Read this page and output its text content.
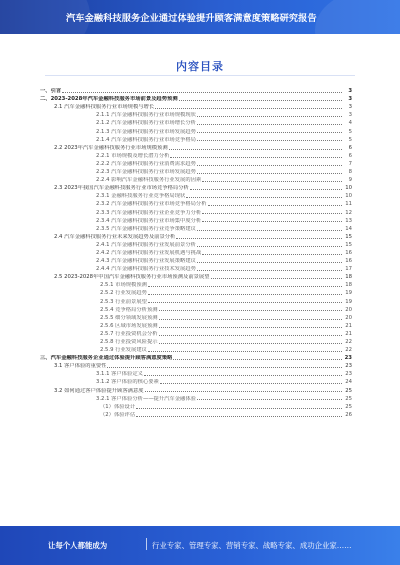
汽车金融科技服务企业通过体验提升顾客满意度策略研究报告
内容目录
一、引言	3
二、2023-2028年汽车金融科技服务市场前景及趋势预测	3
2.1 汽车金融科技服务行业市场规模与增长	3
2.1.1 汽车金融科技服务行业市场规模现状	3
2.1.2 汽车金融科技服务行业市场增长分析	4
2.1.3 汽车金融科技服务行业市场发展趋势	5
2.1.4 汽车金融科技服务行业市场竞争格局	5
2.2 2023年汽车金融科技服务行业市场规模预测	6
2.2.1 市场规模及增长潜力分析	6
2.2.2 汽车金融科技服务行业消费需求趋势	7
2.2.3 汽车金融科技服务行业市场发展趋势	8
2.2.4 影响汽车金融科技服务行业发展的因素	9
2.3 2023年我国汽车金融科技服务行业市场竞争格局分析	10
2.3.1 金融科技服务行业竞争格局现状	10
2.3.2 汽车金融科技服务行业市场竞争格局分析	11
2.3.3 汽车金融科技服务行业企业竞争力分析	12
2.3.4 汽车金融科技服务行业市场集中度分析	13
2.3.5 汽车金融科技服务行业竞争策略建议	14
2.4 汽车金融科技服务行业未来发展趋势及前景分析	15
2.4.1 汽车金融科技服务行业发展前景分析	15
2.4.2 汽车金融科技服务行业发展机遇与挑战	16
2.4.3 汽车金融科技服务行业发展策略建议	16
2.4.4 汽车金融科技服务行业技术发展趋势	17
2.5 2023-2028年中国汽车金融科技服务行业市场预测及前景展望	18
2.5.1 市场规模预测	18
2.5.2 行业发展趋势	19
2.5.3 行业前景展望	19
2.5.4 竞争格局分析预测	20
2.5.5 细分领域发展预测	20
2.5.6 区域市场发展预测	21
2.5.7 行业投资机会分析	21
2.5.8 行业投资风险提示	22
2.5.9 行业发展建议	22
三、汽车金融科技服务企业通过体验提升顾客满意度策略	23
3.1 客户体验的重要性	23
3.1.1 客户体验定义	23
3.1.2 客户体验的核心要素	24
3.2 如何通过客户体验提升顾客满意度	25
3.2.1 客户体验分析——提升汽车金融体验	25
（1）体验设计	25
（2）体验评估	26
让每个人都能成为	行业专家、管理专家、营销专家、战略专家、成功企业家……
